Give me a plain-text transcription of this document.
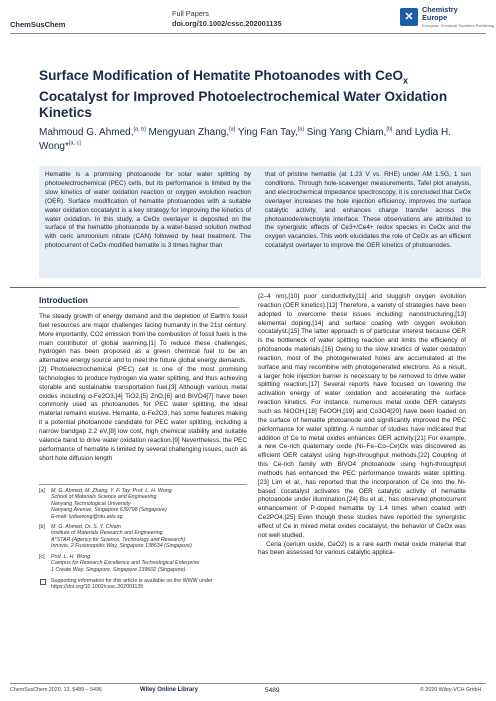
ChemSusChem
Full Papers
doi.org/10.1002/cssc.202001135
✕
Chemistry
Europe
European Chemical Societies Publishing
Surface Modification of Hematite Photoanodes with CeO$_x$ Cocatalyst for Improved Photoelectrochemical Water Oxidation Kinetics
Mahmoud G. Ahmed,[a, b] Mengyuan Zhang,[a] Ying Fan Tay,[a] Sing Yang Chiam,[b] and Lydia H. Wong*[a, c]
Hematite is a promising photoanode for solar water splitting by photoelectrochemical (PEC) cells, but its performance is limited by the slow kinetics of water oxidation reaction or oxygen evolution reaction (OER). Surface modification of hematite photoanodes with a suitable water oxidation cocatalyst is a key strategy for improving the kinetics of water oxidation. In this study, a CeOx overlayer is deposited on the surface of the hematite photoanode by a water-based solution method with ceric ammonium nitrate (CAN) followed by heat treatment. The photocurrent of CeOx-modified hematite is 3 times higher than
that of pristine hematite (at 1.23 V vs. RHE) under AM 1.5G, 1 sun conditions. Through hole-scavenger measurements, Tafel plot analysis, and electrochemical impedance spectroscopy, it is concluded that CeOx overlayer increases the hole injection efficiency, improves the surface catalytic activity, and enhances charge transfer across the photoanode/electrolyte interface. These observations are attributed to the synergistic effects of Ce3+/Ce4+ redox species in CeOx and the oxygen vacancies. This work elucidates the role of CeOx as an efficient cocatalyst overlayer to improve the OER kinetics of photoanodes.
Introduction

The steady growth of energy demand and the depletion of Earth's fossil fuel resources are major challenges facing humanity in the 21st century. More importantly, CO2 emission from the combustion of fossil fuels is the main contributor of global warming.[1] To reduce these challenges, hydrogen has been proposed as a green chemical fuel to be an alternative energy source and to meet the future global energy demands.[2] Photoelectrochemical (PEC) cell is one of the most promising technologies to produce hydrogen via water splitting, and thus achieving storable and sustainable transportation fuel.[3] Although various metal oxides including α-Fe2O3,[4] TiO2,[5] ZnO,[6] and BiVO4[7] have been commonly used as photoanodes for PEC water splitting, the ideal material remains elusive. Hematite, α-Fe2O3, has some features making it a potential photoanode candidate for PEC water splitting, including a narrow bandgap 2.2 eV,[8] low cost, high chemical stability and suitable valence band to drive water oxidation reaction.[9] Nevertheless, the PEC performance of hematite is limited by several challenging issues, such as short hole diffusion length

(2–4 nm),[10] poor conductivity,[11] and sluggish oxygen evolution reaction (OER kinetics).[12] Therefore, a variety of strategies have been adopted to overcome these issues including: nanostructuring,[13] elemental doping,[14] and surface coating with oxygen evolution cocatalyst.[15] The latter approach is of particular interest because OER is the bottleneck of water splitting reaction and limits the efficiency of photoanode materials.[16] Owing to the slow kinetics of water oxidation reaction, most of the photogenerated holes are accumulated at the surface and may recombine with photogenerated electrons. As a result, a larger hole injection barrier is necessary to be removed to drive water splitting reaction.[17] Several reports have focused on lowering the activation energy of water oxidation and accelerating the surface reaction kinetics. For instance, numerous metal oxide OER catalysts such as NiOOH,[18] FeOOH,[19] and Co3O4[20] have been loaded on the surface of hematite photoanode and significantly improved the PEC performance for water splitting. A number of studies have indicated that addition of Ce to metal oxides enhances OER activity.[21] For example, a new Ce-rich quaternary oxide (Ni–Fe–Co–Ce)Ox was discovered as efficient OER catalyst using high-throughput methods.[22] Coupling of this Ce-rich family with BiVO4 photoanode using high-throughput methods has enhanced the PEC performance towards water splitting.[23] Lim et al., has reported that the incorporation of Ce into the Ni-based cocatalyst activates the OER catalytic activity of hematite photoanode under illumination.[24] Bu et al., has observed photocurrent enhancement of P-doped hematite by 1.4 times when coated with Ce2PO4.[25] Even though these studies have reported the synergistic effect of Ce in mixed metal oxides cocatalyst, the behavior of CeOx was not well studied.

Ceria (cerium oxide, CeO2) is a rare earth metal oxide material that has been assessed for various catalytic applica-

[a] M. G. Ahmed, M. Zhang, Y. F. Tay, Prof. L. H. Wong
School of Materials Science and Engineering
Nanyang Technological University
Nanyang Avenue, Singapore 639798 (Singapore)
E-mail: lydiawong@ntu.edu.sg
[b] M. G. Ahmed, Dr. S. Y. Chiam
Institute of Materials Research and Engineering
A*STAR (Agency for Science, Technology and Research)
Innovis, 2 Fusionopolis Way, Singapore 138634 (Singapore)
[c] Prof. L. H. Wong
Campus for Research Excellence and Technological Enterprise
1 Create Way, Singapore, Singapore 139602 (Singapore)
Supporting information for this article is available on the WWW under https://doi.org/10.1002/cssc.202001135
ChemSusChem 2020, 13, 5489 – 5496	Wiley Online Library	5489	© 2020 Wiley-VCH GmbH
